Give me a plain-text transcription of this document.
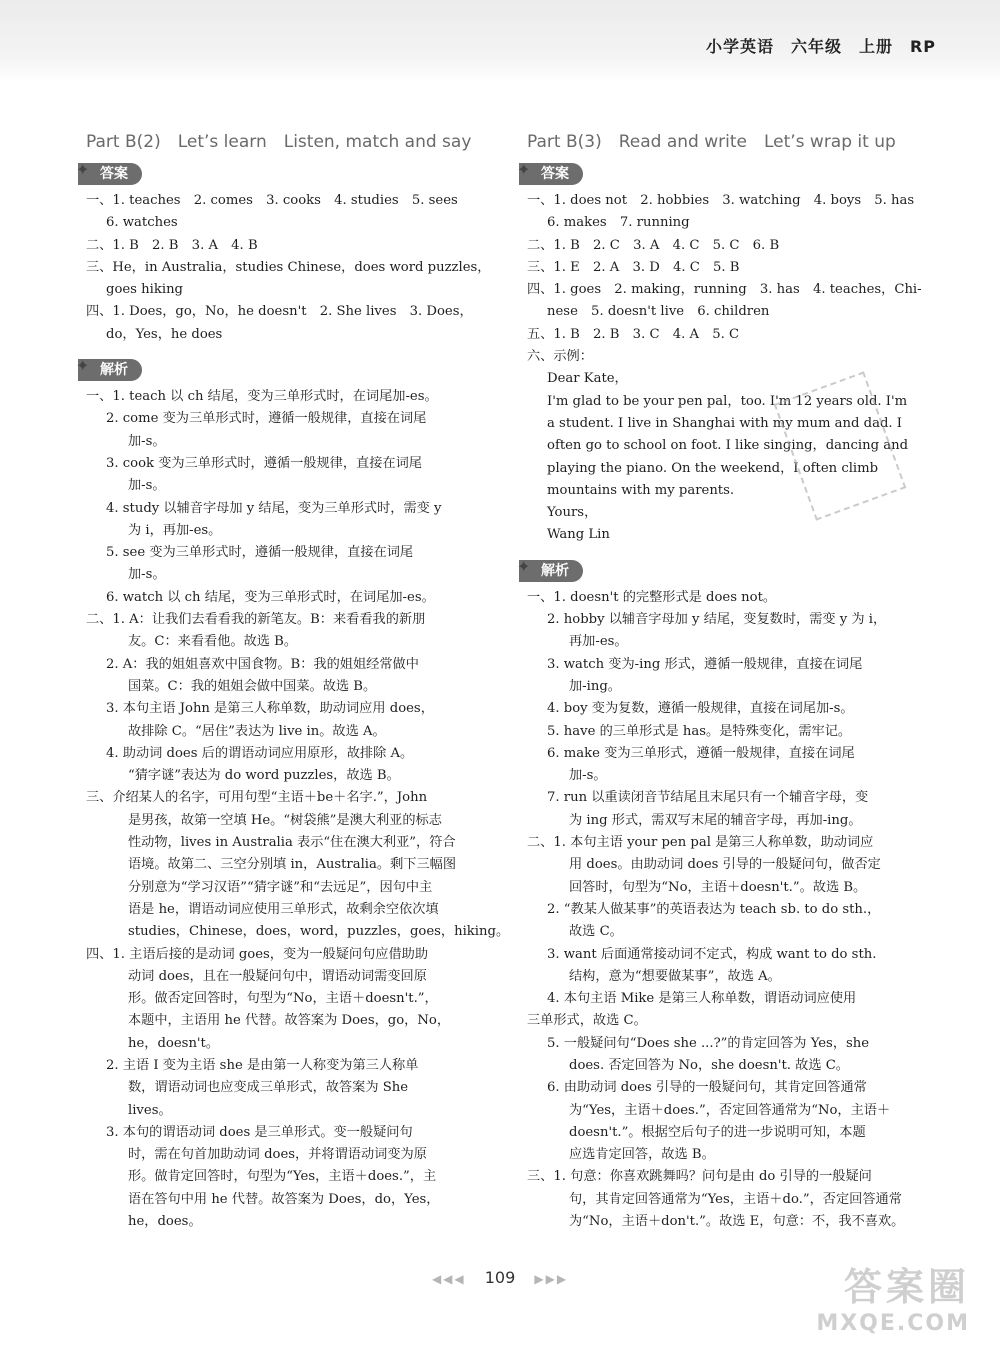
小学英语　六年级　上册　RP
Part B(2)　Let’s learn　Listen, match and say
✦ 答案
一、1. teaches　2. comes　3. cooks　4. studies　5. sees
6. watches
二、1. B　2. B　3. A　4. B
三、He，in Australia，studies Chinese，does word puzzles，
goes hiking
四、1. Does，go，No，he doesn't　2. She lives　3. Does，
do，Yes，he does
✦ 解析
一、1. teach 以 ch 结尾，变为三单形式时，在词尾加-es。
2. come 变为三单形式时，遵循一般规律，直接在词尾
加-s。
3. cook 变为三单形式时，遵循一般规律，直接在词尾
加-s。
4. study 以辅音字母加 y 结尾，变为三单形式时，需变 y
为 i，再加-es。
5. see 变为三单形式时，遵循一般规律，直接在词尾
加-s。
6. watch 以 ch 结尾，变为三单形式时，在词尾加-es。
二、1. A：让我们去看看我的新笔友。B：来看看我的新朋
友。C：来看看他。故选 B。
2. A：我的姐姐喜欢中国食物。B：我的姐姐经常做中
国菜。C：我的姐姐会做中国菜。故选 B。
3. 本句主语 John 是第三人称单数，助动词应用 does，
故排除 C。“居住”表达为 live in。故选 A。
4. 助动词 does 后的谓语动词应用原形，故排除 A。
“猜字谜”表达为 do word puzzles，故选 B。
三、介绍某人的名字，可用句型“主语＋be＋名字.”，John
是男孩，故第一空填 He。“树袋熊”是澳大利亚的标志
性动物，lives in Australia 表示“住在澳大利亚”，符合
语境。故第二、三空分别填 in，Australia。剩下三幅图
分别意为“学习汉语”“猜字谜”和“去远足”，因句中主
语是 he，谓语动词应使用三单形式，故剩余空依次填
studies，Chinese，does，word，puzzles，goes，hiking。
四、1. 主语后接的是动词 goes，变为一般疑问句应借助助
动词 does，且在一般疑问句中，谓语动词需变回原
形。做否定回答时，句型为“No，主语＋doesn't.”，
本题中，主语用 he 代替。故答案为 Does，go，No，
he，doesn't。
2. 主语 I 变为主语 she 是由第一人称变为第三人称单
数，谓语动词也应变成三单形式，故答案为 She
lives。
3. 本句的谓语动词 does 是三单形式。变一般疑问句
时，需在句首加助动词 does，并将谓语动词变为原
形。做肯定回答时，句型为“Yes，主语＋does.”，主
语在答句中用 he 代替。故答案为 Does，do，Yes，
he，does。
Part B(3)　Read and write　Let’s wrap it up
✦ 答案
一、1. does not　2. hobbies　3. watching　4. boys　5. has
6. makes　7. running
二、1. B　2. C　3. A　4. C　5. C　6. B
三、1. E　2. A　3. D　4. C　5. B
四、1. goes　2. making，running　3. has　4. teaches，Chi-
nese　5. doesn't live　6. children
五、1. B　2. B　3. C　4. A　5. C
六、示例：
Dear Kate，
I'm glad to be your pen pal，too. I'm 12 years old. I'm
a student. I live in Shanghai with my mum and dad. I
often go to school on foot. I like singing，dancing and
playing the piano. On the weekend，I often climb
mountains with my parents.
Yours，
Wang Lin
✦ 解析
一、1. doesn't 的完整形式是 does not。
2. hobby 以辅音字母加 y 结尾，变复数时，需变 y 为 i，
再加-es。
3. watch 变为-ing 形式，遵循一般规律，直接在词尾
加-ing。
4. boy 变为复数，遵循一般规律，直接在词尾加-s。
5. have 的三单形式是 has。是特殊变化，需牢记。
6. make 变为三单形式，遵循一般规律，直接在词尾
加-s。
7. run 以重读闭音节结尾且末尾只有一个辅音字母，变
为 ing 形式，需双写末尾的辅音字母，再加-ing。
二、1. 本句主语 your pen pal 是第三人称单数，助动词应
用 does。由助动词 does 引导的一般疑问句，做否定
回答时，句型为“No，主语＋doesn't.”。故选 B。
2. “教某人做某事”的英语表达为 teach sb. to do sth.，
故选 C。
3. want 后面通常接动词不定式，构成 want to do sth.
结构，意为“想要做某事”，故选 A。
4. 本句主语 Mike 是第三人称单数，谓语动词应使用
三单形式，故选 C。
5. 一般疑问句“Does she ...?”的肯定回答为 Yes，she
does. 否定回答为 No，she doesn't. 故选 C。
6. 由助动词 does 引导的一般疑问句，其肯定回答通常
为“Yes，主语＋does.”，否定回答通常为“No，主语＋
doesn't.”。根据空后句子的进一步说明可知，本题
应选肯定回答，故选 B。
三、1. 句意：你喜欢跳舞吗？问句是由 do 引导的一般疑问
句，其肯定回答通常为“Yes，主语＋do.”，否定回答通常
为“No，主语＋don't.”。故选 E，句意：不，我不喜欢。
◀◀◀ 109 ▶▶▶	答案圈
MXQE.COM
